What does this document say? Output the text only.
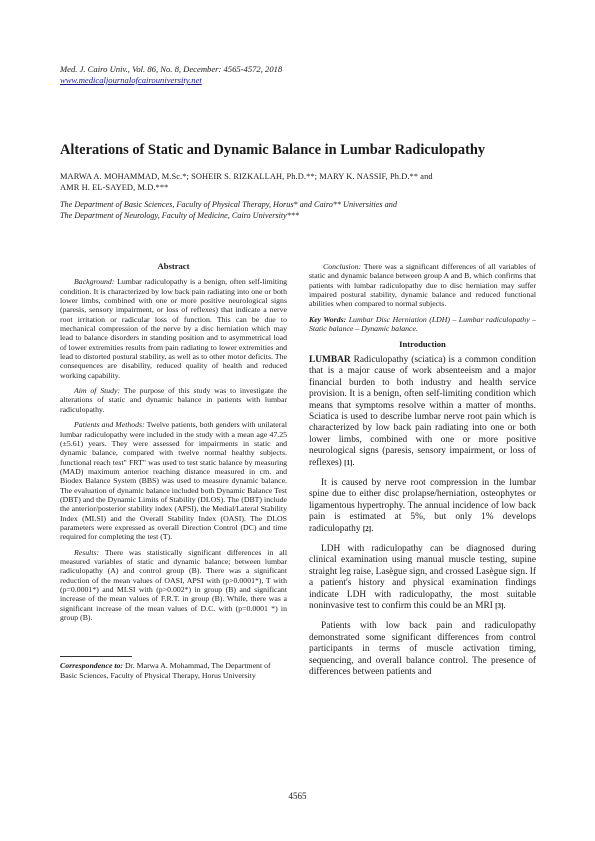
Med. J. Cairo Univ., Vol. 86, No. 8, December: 4565-4572, 2018
www.medicaljournalofcairouniversity.net
Alterations of Static and Dynamic Balance in Lumbar Radiculopathy
MARWA A. MOHAMMAD, M.Sc.*; SOHEIR S. RIZKALLAH, Ph.D.**; MARY K. NASSIF, Ph.D.** and
AMR H. EL-SAYED, M.D.***
The Department of Basic Sciences, Faculty of Physical Therapy, Horus* and Cairo** Universities and
The Department of Neurology, Faculty of Medicine, Cairo University***

Abstract

Background: Lumbar radiculopathy is a benign, often self-limiting condition. It is characterized by low back pain radiating into one or both lower limbs, combined with one or more positive neurological signs (paresis, sensory impairment, or loss of reflexes) that indicate a nerve root irritation or radicular loss of function. This can be due to mechanical compression of the nerve by a disc herniation which may lead to balance disorders in standing position and to asymmetrical load of lower extremities results from pain radiating to lower extremities and lead to distorted postural stability, as well as to other motor deficits. The consequences are disability, reduced quality of health and reduced working capability.

Aim of Study: The purpose of this study was to investigate the alterations of static and dynamic balance in patients with lumbar radiculopathy.

Patients and Methods: Twelve patients, both genders with unilateral lumbar radiculopathy were included in the study with a mean age 47.25 (±5.61) years. They were assessed for impairments in static and dynamic balance, compared with twelve normal healthy subjects. functional reach test" FRT" was used to test static balance by measuring (MAD) maximum anterior reaching distance measured in cm. and Biodex Balance System (BBS) was used to measure dynamic balance. The evaluation of dynamic balance included both Dynamic Balance Test (DBT) and the Dynamic Limits of Stability (DLOS). The (DBT) include the anterior/posterior stability index (APSI), the Medial/Lateral Stability Index (MLSI) and the Overall Stability Index (OASI). The DLOS parameters were expressed as overall Direction Control (DC) and time required for completing the test (T).

Results: There was statistically significant differences in all measured variables of static and dynamic balance; between lumbar radiculopathy (A) and control group (B). There was a significant reduction of the mean values of OASI, APSI with (p>0.0001*), T with (p=0.0001*) and MLSI with (p>0.002*) in group (B) and significant increase of the mean values of F.R.T. in group (B). While, there was a significant increase of the mean values of D.C. with (p=0.0001 *) in group (B).

Correspondence to: Dr. Marwa A. Mohammad, The Department of Basic Sciences, Faculty of Physical Therapy, Horus University

Conclusion: There was a significant differences of all variables of static and dynamic balance between group A and B, which confirms that patients with lumbar radiculopathy due to disc herniation may suffer impaired postural stability, dynamic balance and reduced functional abilities when compared to normal subjects.

Key Words: Lumbar Disc Herniation (LDH) – Lumbar radiculopathy – Static balance – Dynamic balance.

Introduction

LUMBAR Radiculopathy (sciatica) is a common condition that is a major cause of work absenteeism and a major financial burden to both industry and health service provision. It is a benign, often self-limiting condition which means that symptoms resolve within a matter of months. Sciatica is used to describe lumbar nerve root pain which is characterized by low back pain radiating into one or both lower limbs, combined with one or more positive neurological signs (paresis, sensory impairment, or loss of reflexes) [1].

It is caused by nerve root compression in the lumbar spine due to either disc prolapse/herniation, osteophytes or ligamentous hypertrophy. The annual incidence of low back pain is estimated at 5%, but only 1% develops radiculopathy [2].

LDH with radiculopathy can be diagnosed during clinical examination using manual muscle testing, supine straight leg raise, Lasègue sign, and crossed Lasègue sign. If a patient's history and physical examination findings indicate LDH with radiculopathy, the most suitable noninvasive test to confirm this could be an MRI [3].

Patients with low back pain and radiculopathy demonstrated some significant differences from control participants in terms of muscle activation timing, sequencing, and overall balance control. The presence of differences between patients and

4565
